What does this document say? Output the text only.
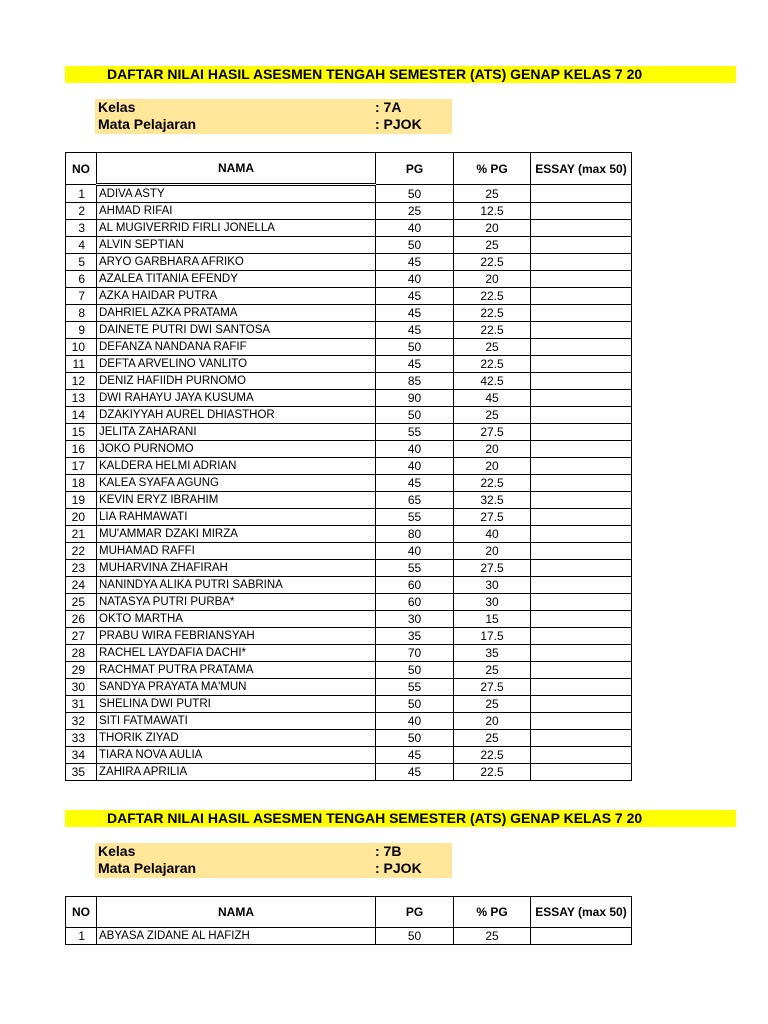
DAFTAR NILAI HASIL ASESMEN TENGAH SEMESTER (ATS) GENAP KELAS 7 20
Kelas	: 7A
Mata Pelajaran	: PJOK
NO	NAMA	PG	% PG	ESSAY (max 50)
1	ADIVA ASTY	50	25	
2	AHMAD RIFAI	25	12.5	
3	AL MUGIVERRID FIRLI JONELLA	40	20	
4	ALVIN SEPTIAN	50	25	
5	ARYO GARBHARA AFRIKO	45	22.5	
6	AZALEA TITANIA EFENDY	40	20	
7	AZKA HAIDAR PUTRA	45	22.5	
8	DAHRIEL AZKA PRATAMA	45	22.5	
9	DAINETE PUTRI DWI SANTOSA	45	22.5	
10	DEFANZA NANDANA RAFIF	50	25	
11	DEFTA ARVELINO VANLITO	45	22.5	
12	DENIZ HAFIIDH PURNOMO	85	42.5	
13	DWI RAHAYU JAYA KUSUMA	90	45	
14	DZAKIYYAH AUREL DHIASTHOR	50	25	
15	JELITA ZAHARANI	55	27.5	
16	JOKO PURNOMO	40	20	
17	KALDERA HELMI ADRIAN	40	20	
18	KALEA SYAFA AGUNG	45	22.5	
19	KEVIN ERYZ IBRAHIM	65	32.5	
20	LIA RAHMAWATI	55	27.5	
21	MU'AMMAR DZAKI MIRZA	80	40	
22	MUHAMAD RAFFI	40	20	
23	MUHARVINA ZHAFIRAH	55	27.5	
24	NANINDYA ALIKA PUTRI SABRINA	60	30	
25	NATASYA PUTRI PURBA*	60	30	
26	OKTO MARTHA	30	15	
27	PRABU WIRA FEBRIANSYAH	35	17.5	
28	RACHEL LAYDAFIA DACHI*	70	35	
29	RACHMAT PUTRA PRATAMA	50	25	
30	SANDYA PRAYATA MA'MUN	55	27.5	
31	SHELINA DWI PUTRI	50	25	
32	SITI FATMAWATI	40	20	
33	THORIK ZIYAD	50	25	
34	TIARA NOVA AULIA	45	22.5	
35	ZAHIRA APRILIA	45	22.5	
DAFTAR NILAI HASIL ASESMEN TENGAH SEMESTER (ATS) GENAP KELAS 7 20
Kelas	: 7B
Mata Pelajaran	: PJOK
NO	NAMA	PG	% PG	ESSAY (max 50)
1	ABYASA ZIDANE AL HAFIZH	50	25	
